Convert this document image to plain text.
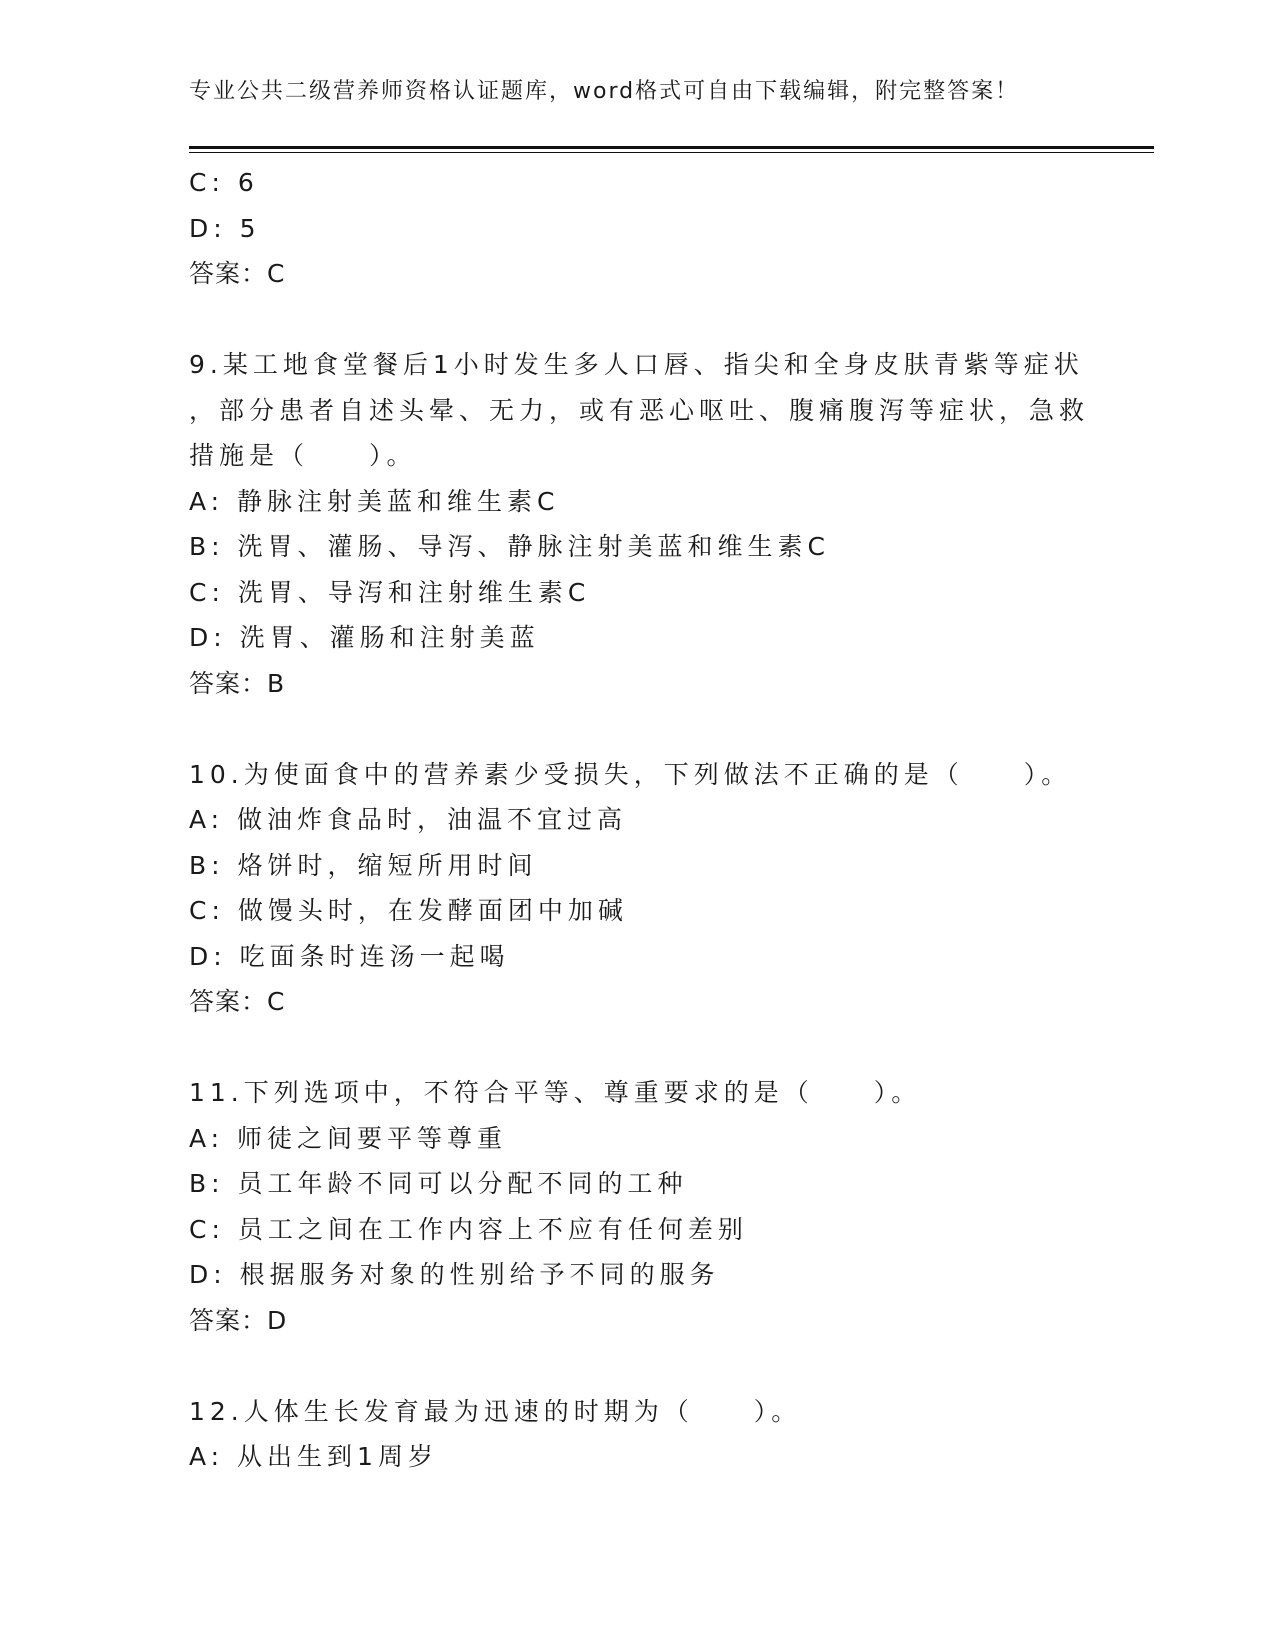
专业公共二级营养师资格认证题库，word格式可自由下载编辑，附完整答案！
C: 6
D: 5
答案：C
9.某工地食堂餐后1小时发生多人口唇、指尖和全身皮肤青紫等症状
，部分患者自述头晕、无力，或有恶心呕吐、腹痛腹泻等症状，急救
措施是（　　）。
A: 静脉注射美蓝和维生素C
B: 洗胃、灌肠、导泻、静脉注射美蓝和维生素C
C: 洗胃、导泻和注射维生素C
D: 洗胃、灌肠和注射美蓝
答案：B
10.为使面食中的营养素少受损失，下列做法不正确的是（　　）。
A: 做油炸食品时，油温不宜过高
B: 烙饼时，缩短所用时间
C: 做馒头时，在发酵面团中加碱
D: 吃面条时连汤一起喝
答案：C
11.下列选项中，不符合平等、尊重要求的是（　　）。
A: 师徒之间要平等尊重
B: 员工年龄不同可以分配不同的工种
C: 员工之间在工作内容上不应有任何差别
D: 根据服务对象的性别给予不同的服务
答案：D
12.人体生长发育最为迅速的时期为（　　）。
A: 从出生到1周岁
